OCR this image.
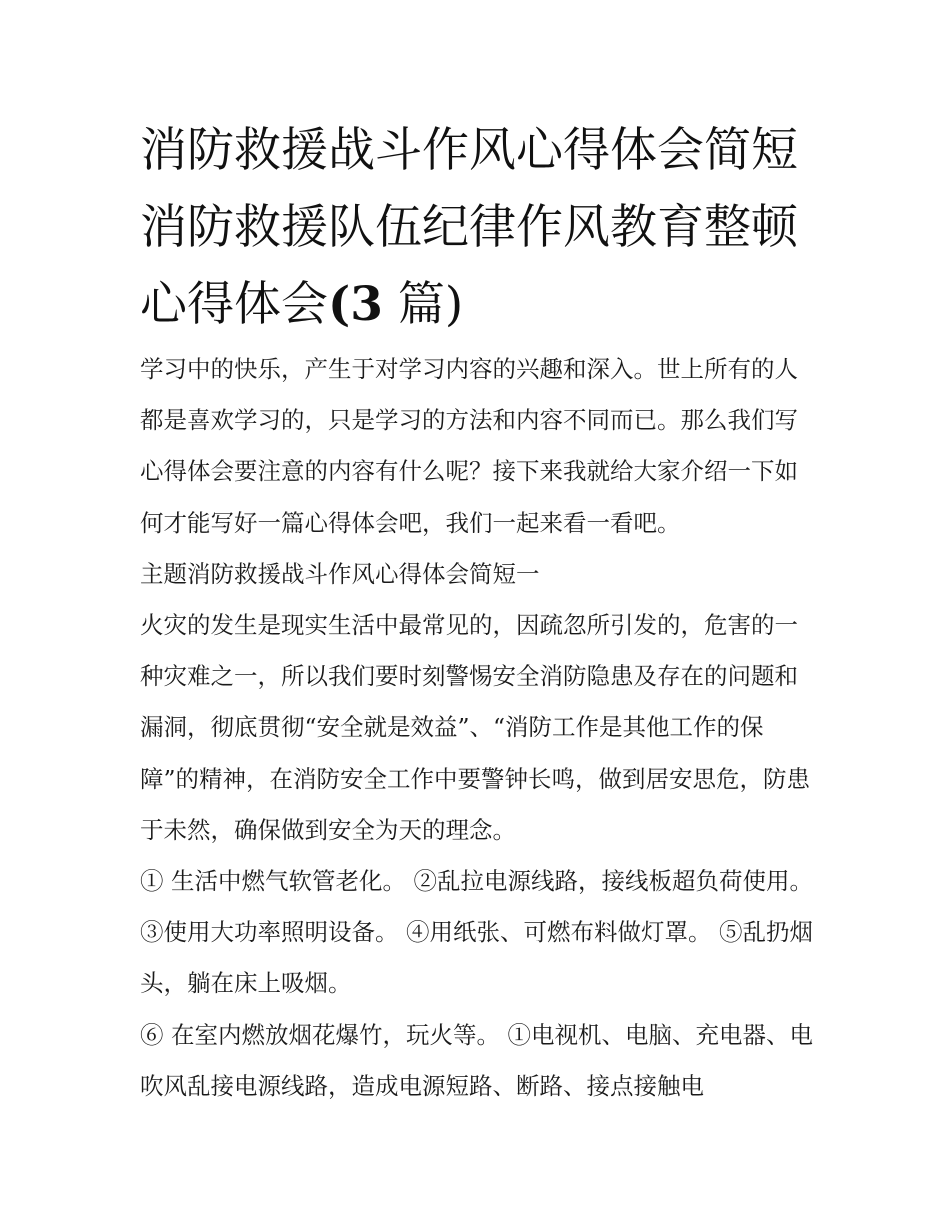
消防救援战斗作风心得体会简短 消防救援队伍纪律作风教育整顿心得体会(3 篇)

学习中的快乐，产生于对学习内容的兴趣和深入。世上所有的人都是喜欢学习的，只是学习的方法和内容不同而已。那么我们写心得体会要注意的内容有什么呢？接下来我就给大家介绍一下如何才能写好一篇心得体会吧，我们一起来看一看吧。

主题消防救援战斗作风心得体会简短一

火灾的发生是现实生活中最常见的，因疏忽所引发的，危害的一种灾难之一，所以我们要时刻警惕安全消防隐患及存在的问题和漏洞，彻底贯彻“安全就是效益”、“消防工作是其他工作的保障”的精神，在消防安全工作中要警钟长鸣，做到居安思危，防患于未然，确保做到安全为天的理念。

① 生活中燃气软管老化。 ②乱拉电源线路，接线板超负荷使用。 ③使用大功率照明设备。 ④用纸张、可燃布料做灯罩。 ⑤乱扔烟头，躺在床上吸烟。

⑥ 在室内燃放烟花爆竹，玩火等。 ①电视机、电脑、充电器、电吹风乱接电源线路，造成电源短路、断路、接点接触电
